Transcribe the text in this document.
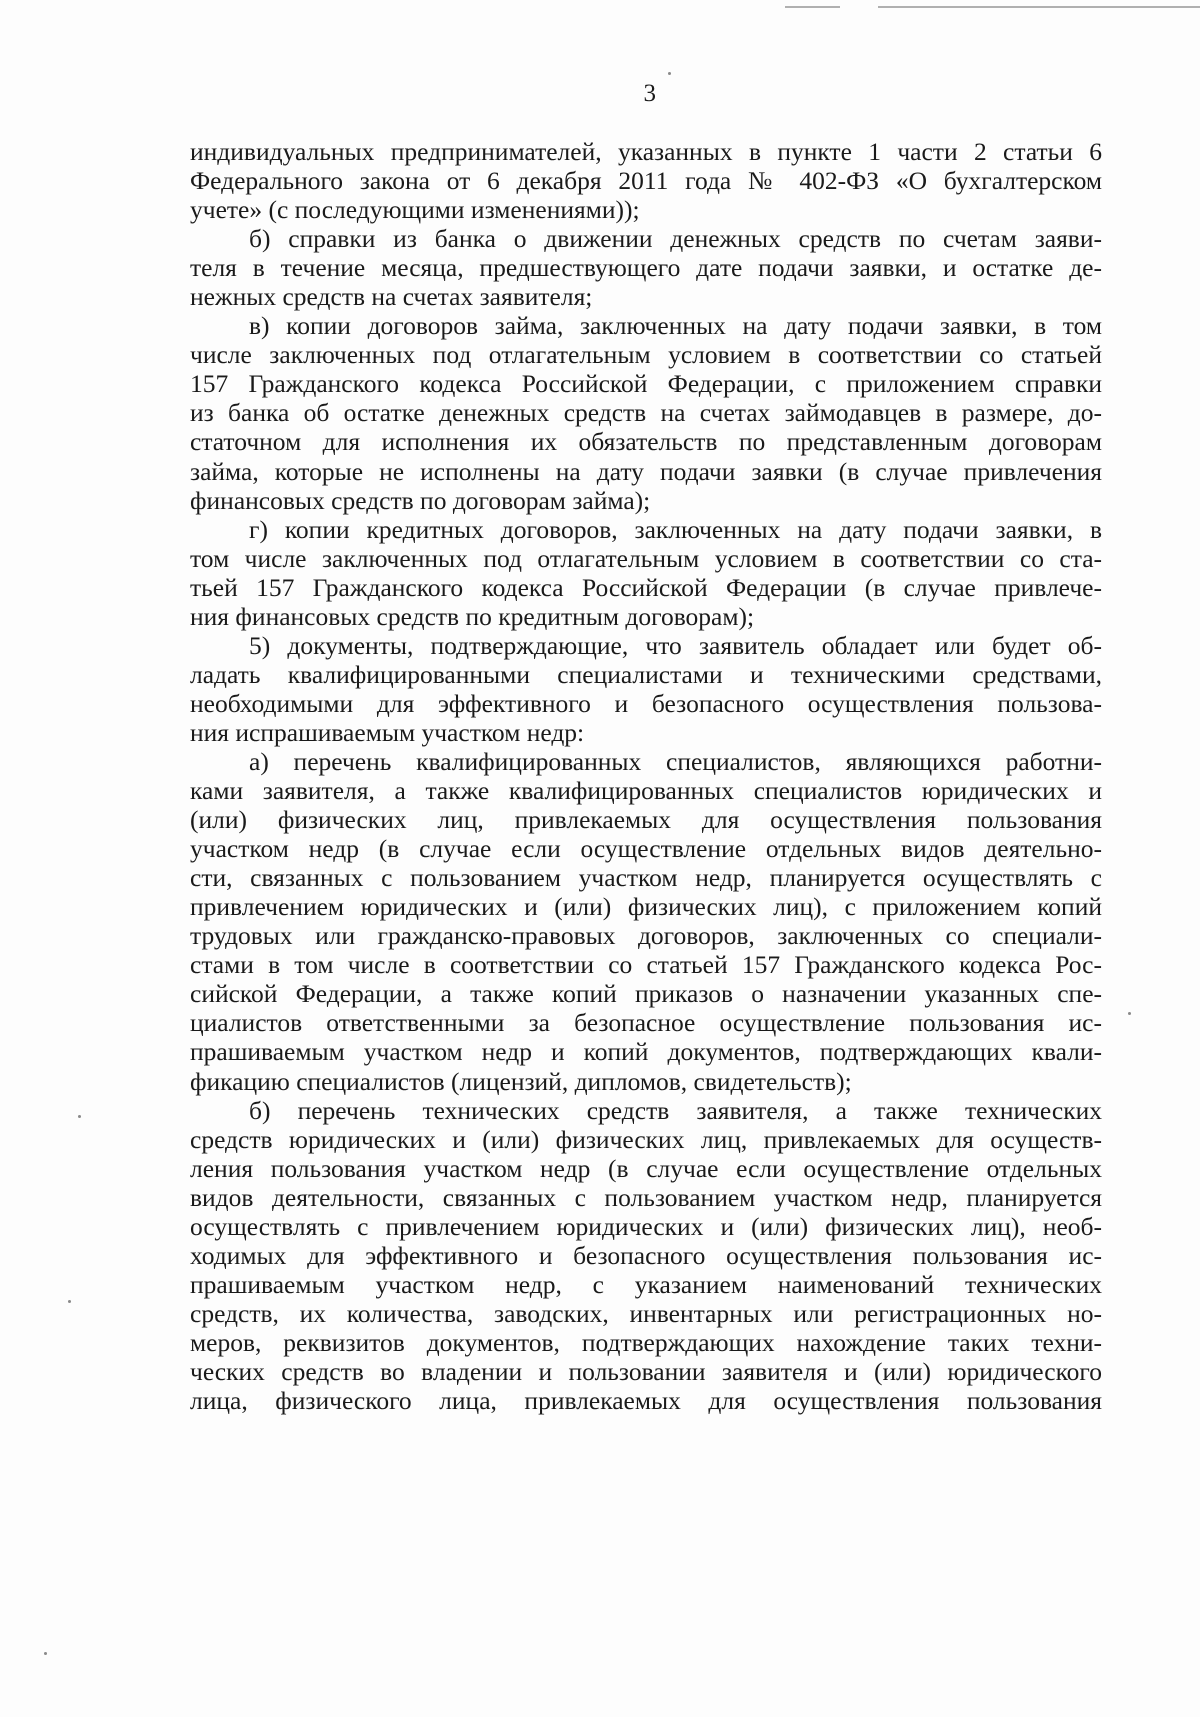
3
индивидуальных предпринимателей, указанных в пункте 1 части 2 статьи 6
Федерального закона от 6 декабря 2011 года № 402-ФЗ «О бухгалтерском
учете» (с последующими изменениями));
б) справки из банка о движении денежных средств по счетам заяви-
теля в течение месяца, предшествующего дате подачи заявки, и остатке де-
нежных средств на счетах заявителя;
в) копии договоров займа, заключенных на дату подачи заявки, в том
числе заключенных под отлагательным условием в соответствии со статьей
157 Гражданского кодекса Российской Федерации, с приложением справки
из банка об остатке денежных средств на счетах займодавцев в размере, до-
статочном для исполнения их обязательств по представленным договорам
займа, которые не исполнены на дату подачи заявки (в случае привлечения
финансовых средств по договорам займа);
г) копии кредитных договоров, заключенных на дату подачи заявки, в
том числе заключенных под отлагательным условием в соответствии со ста-
тьей 157 Гражданского кодекса Российской Федерации (в случае привлече-
ния финансовых средств по кредитным договорам);
5) документы, подтверждающие, что заявитель обладает или будет об-
ладать квалифицированными специалистами и техническими средствами,
необходимыми для эффективного и безопасного осуществления пользова-
ния испрашиваемым участком недр:
а) перечень квалифицированных специалистов, являющихся работни-
ками заявителя, а также квалифицированных специалистов юридических и
(или) физических лиц, привлекаемых для осуществления пользования
участком недр (в случае если осуществление отдельных видов деятельно-
сти, связанных с пользованием участком недр, планируется осуществлять с
привлечением юридических и (или) физических лиц), с приложением копий
трудовых или гражданско-правовых договоров, заключенных со специали-
стами в том числе в соответствии со статьей 157 Гражданского кодекса Рос-
сийской Федерации, а также копий приказов о назначении указанных спе-
циалистов ответственными за безопасное осуществление пользования ис-
прашиваемым участком недр и копий документов, подтверждающих квали-
фикацию специалистов (лицензий, дипломов, свидетельств);
б) перечень технических средств заявителя, а также технических
средств юридических и (или) физических лиц, привлекаемых для осуществ-
ления пользования участком недр (в случае если осуществление отдельных
видов деятельности, связанных с пользованием участком недр, планируется
осуществлять с привлечением юридических и (или) физических лиц), необ-
ходимых для эффективного и безопасного осуществления пользования ис-
прашиваемым участком недр, с указанием наименований технических
средств, их количества, заводских, инвентарных или регистрационных но-
меров, реквизитов документов, подтверждающих нахождение таких техни-
ческих средств во владении и пользовании заявителя и (или) юридического
лица, физического лица, привлекаемых для осуществления пользования
